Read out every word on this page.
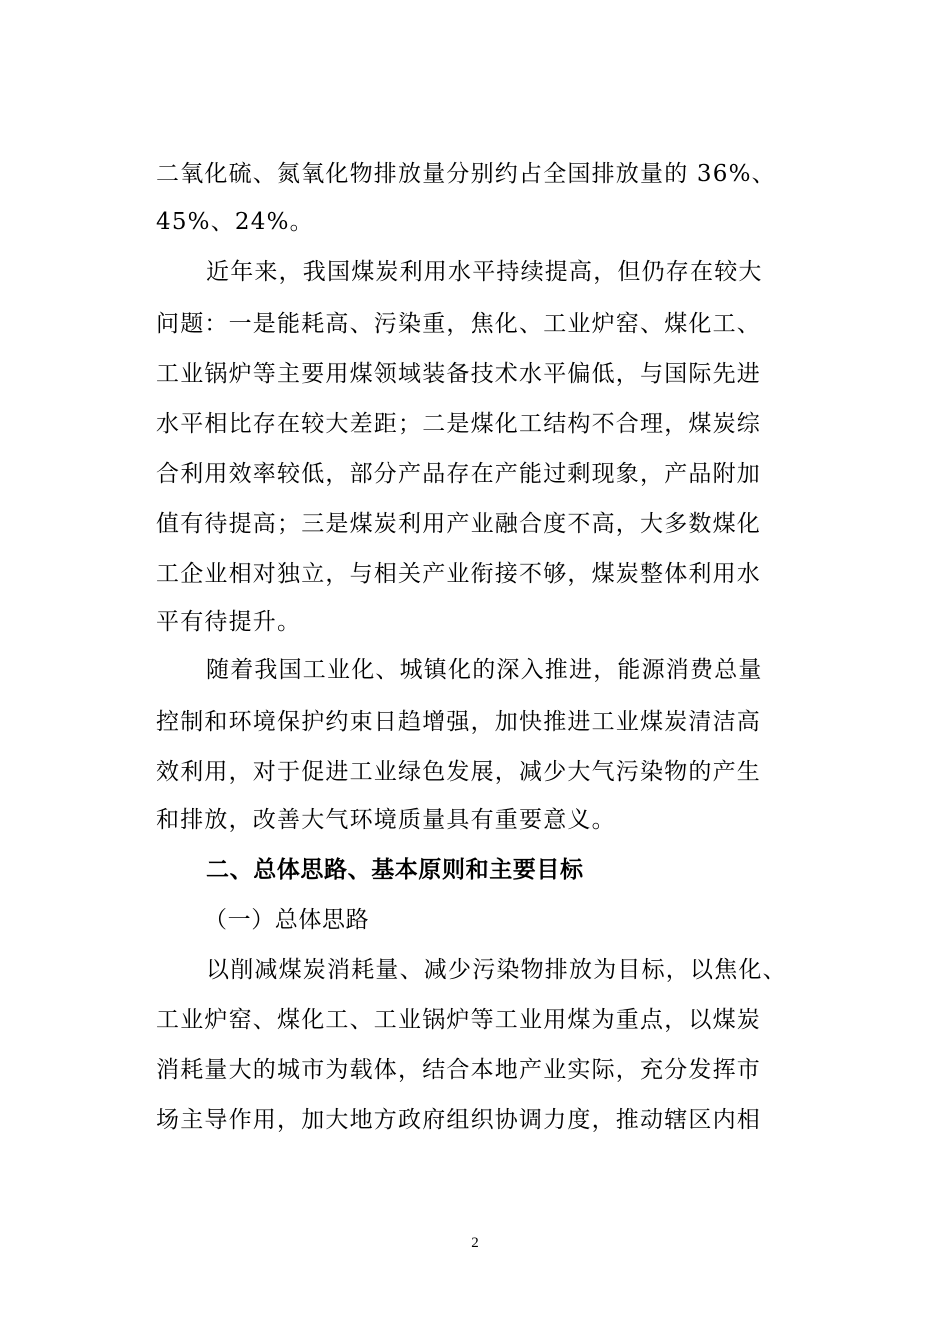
二氧化硫、氮氧化物排放量分别约占全国排放量的 36%、
45%、24%。
近年来，我国煤炭利用水平持续提高，但仍存在较大
问题：一是能耗高、污染重，焦化、工业炉窑、煤化工、
工业锅炉等主要用煤领域装备技术水平偏低，与国际先进
水平相比存在较大差距；二是煤化工结构不合理，煤炭综
合利用效率较低，部分产品存在产能过剩现象，产品附加
值有待提高；三是煤炭利用产业融合度不高，大多数煤化
工企业相对独立，与相关产业衔接不够，煤炭整体利用水
平有待提升。
随着我国工业化、城镇化的深入推进，能源消费总量
控制和环境保护约束日趋增强，加快推进工业煤炭清洁高
效利用，对于促进工业绿色发展，减少大气污染物的产生
和排放，改善大气环境质量具有重要意义。
二、总体思路、基本原则和主要目标
（一）总体思路
以削减煤炭消耗量、减少污染物排放为目标，以焦化、
工业炉窑、煤化工、工业锅炉等工业用煤为重点，以煤炭
消耗量大的城市为载体，结合本地产业实际，充分发挥市
场主导作用，加大地方政府组织协调力度，推动辖区内相
2
